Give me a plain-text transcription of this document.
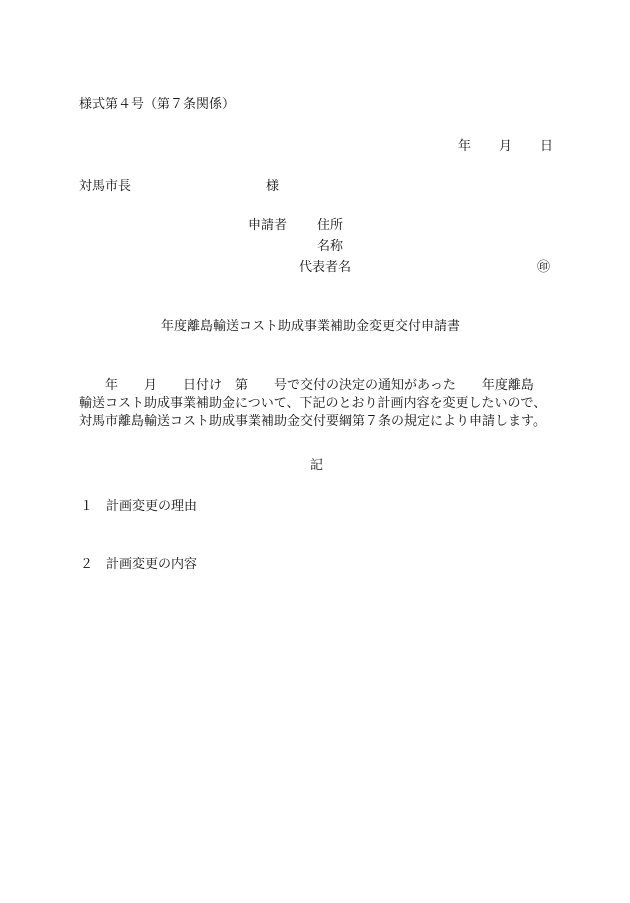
様式第４号（第７条関係）
年 月 日
対馬市長	様
申請者 住所
名称
代表者名	㊞
年度離島輸送コスト助成事業補助金変更交付申請書
　　年　　月　　日付け　第　　号で交付の決定の通知があった　　年度離島
輸送コスト助成事業補助金について、下記のとおり計画内容を変更したいので、
対馬市離島輸送コスト助成事業補助金交付要綱第７条の規定により申請します。
記
１ 計画変更の理由
２ 計画変更の内容
